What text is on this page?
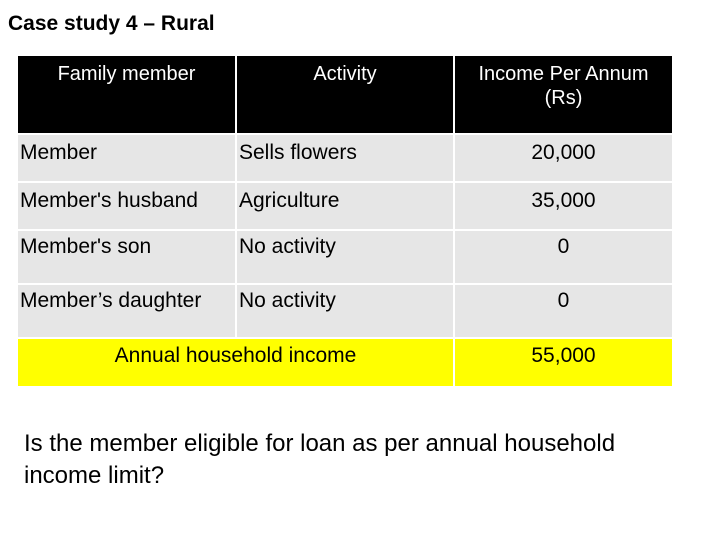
Case study 4 – Rural
Family member	Activity	Income Per Annum (Rs)
Member	Sells flowers	20,000
Member's husband	Agriculture	35,000
Member's son	No activity	0
Member’s daughter	No activity	0
Annual household income		55,000
Is the member eligible for loan as per annual household income limit?
